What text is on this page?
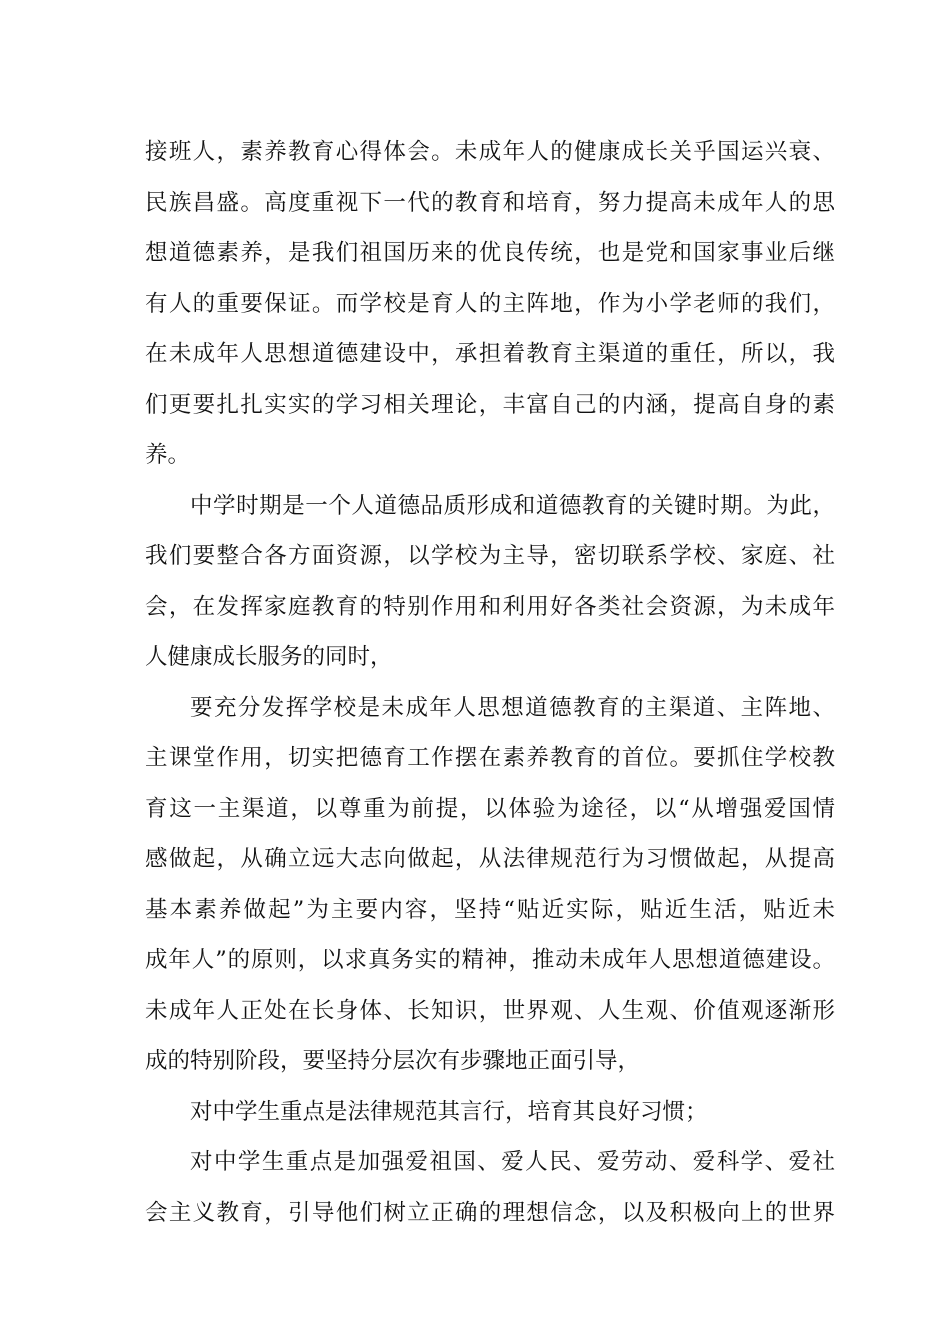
接班人，素养教育心得体会。未成年人的健康成长关乎国运兴衰、
民族昌盛。高度重视下一代的教育和培育，努力提高未成年人的思
想道德素养，是我们祖国历来的优良传统，也是党和国家事业后继
有人的重要保证。而学校是育人的主阵地，作为小学老师的我们，
在未成年人思想道德建设中，承担着教育主渠道的重任，所以，我
们更要扎扎实实的学习相关理论，丰富自己的内涵，提高自身的素
养。
中学时期是一个人道德品质形成和道德教育的关键时期。为此，
我们要整合各方面资源，以学校为主导，密切联系学校、家庭、社
会，在发挥家庭教育的特别作用和利用好各类社会资源，为未成年
人健康成长服务的同时，
要充分发挥学校是未成年人思想道德教育的主渠道、主阵地、
主课堂作用，切实把德育工作摆在素养教育的首位。要抓住学校教
育这一主渠道，以尊重为前提，以体验为途径，以“从增强爱国情
感做起，从确立远大志向做起，从法律规范行为习惯做起，从提高
基本素养做起”为主要内容，坚持“贴近实际，贴近生活，贴近未
成年人”的原则，以求真务实的精神，推动未成年人思想道德建设。
未成年人正处在长身体、长知识，世界观、人生观、价值观逐渐形
成的特别阶段，要坚持分层次有步骤地正面引导，
对中学生重点是法律规范其言行，培育其良好习惯；
对中学生重点是加强爱祖国、爱人民、爱劳动、爱科学、爱社
会主义教育，引导他们树立正确的理想信念，以及积极向上的世界
